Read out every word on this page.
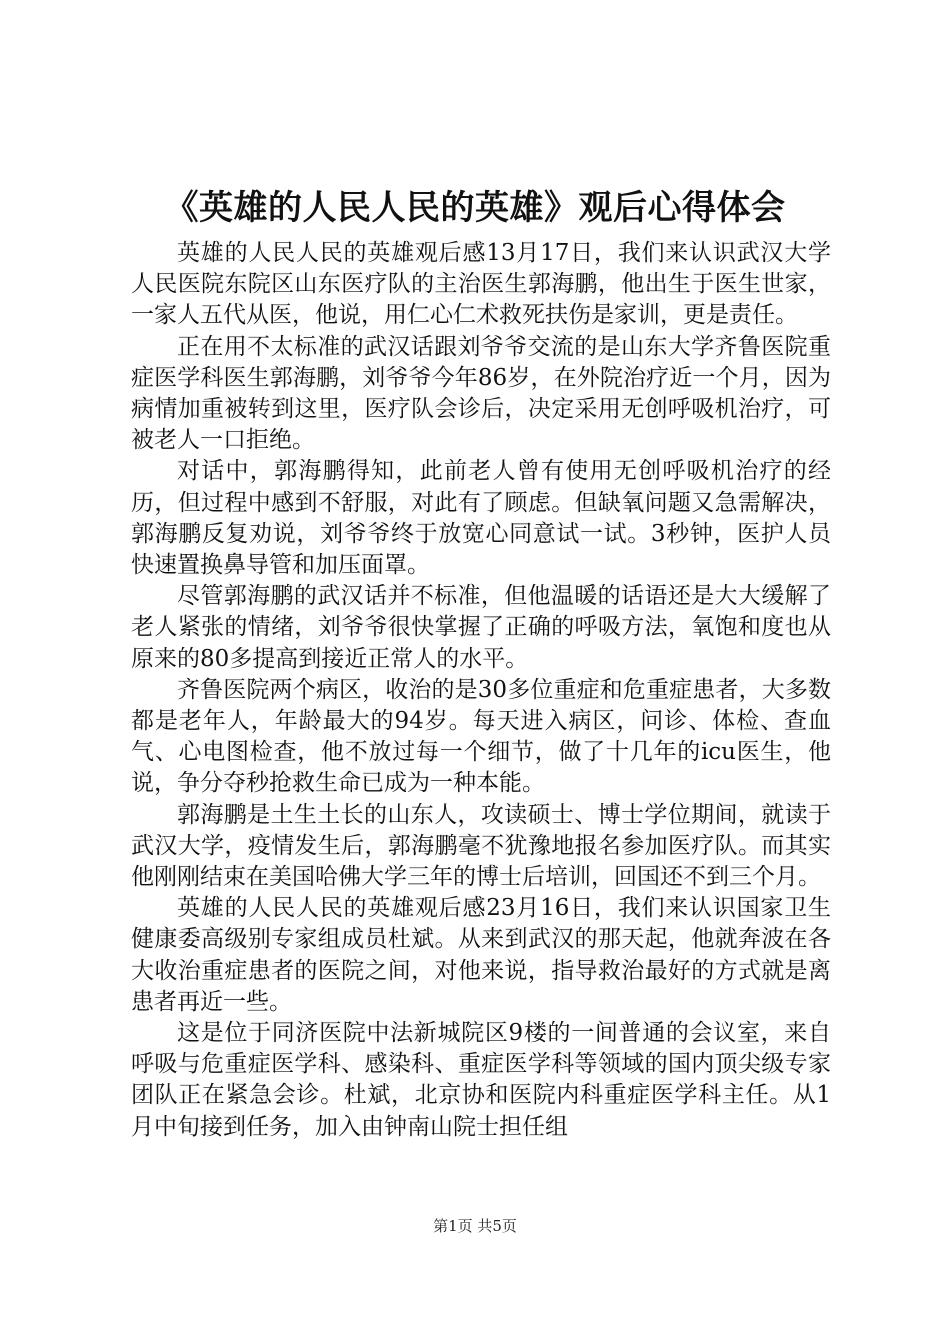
《英雄的人民人民的英雄》观后心得体会

英雄的人民人民的英雄观后感13月17日，我们来认识武汉大学人民医院东院区山东医疗队的主治医生郭海鹏，他出生于医生世家，一家人五代从医，他说，用仁心仁术救死扶伤是家训，更是责任。

正在用不太标准的武汉话跟刘爷爷交流的是山东大学齐鲁医院重症医学科医生郭海鹏，刘爷爷今年86岁，在外院治疗近一个月，因为病情加重被转到这里，医疗队会诊后，决定采用无创呼吸机治疗，可被老人一口拒绝。

对话中，郭海鹏得知，此前老人曾有使用无创呼吸机治疗的经历，但过程中感到不舒服，对此有了顾虑。但缺氧问题又急需解决，郭海鹏反复劝说，刘爷爷终于放宽心同意试一试。3秒钟，医护人员快速置换鼻导管和加压面罩。

尽管郭海鹏的武汉话并不标准，但他温暖的话语还是大大缓解了老人紧张的情绪，刘爷爷很快掌握了正确的呼吸方法，氧饱和度也从原来的80多提高到接近正常人的水平。

齐鲁医院两个病区，收治的是30多位重症和危重症患者，大多数都是老年人，年龄最大的94岁。每天进入病区，问诊、体检、查血气、心电图检查，他不放过每一个细节，做了十几年的icu医生，他说，争分夺秒抢救生命已成为一种本能。

郭海鹏是土生土长的山东人，攻读硕士、博士学位期间，就读于武汉大学，疫情发生后，郭海鹏毫不犹豫地报名参加医疗队。而其实他刚刚结束在美国哈佛大学三年的博士后培训，回国还不到三个月。

英雄的人民人民的英雄观后感23月16日，我们来认识国家卫生健康委高级别专家组成员杜斌。从来到武汉的那天起，他就奔波在各大收治重症患者的医院之间，对他来说，指导救治最好的方式就是离患者再近一些。

这是位于同济医院中法新城院区9楼的一间普通的会议室，来自呼吸与危重症医学科、感染科、重症医学科等领域的国内顶尖级专家团队正在紧急会诊。杜斌，北京协和医院内科重症医学科主任。从1月中旬接到任务，加入由钟南山院士担任组

第1页 共5页
